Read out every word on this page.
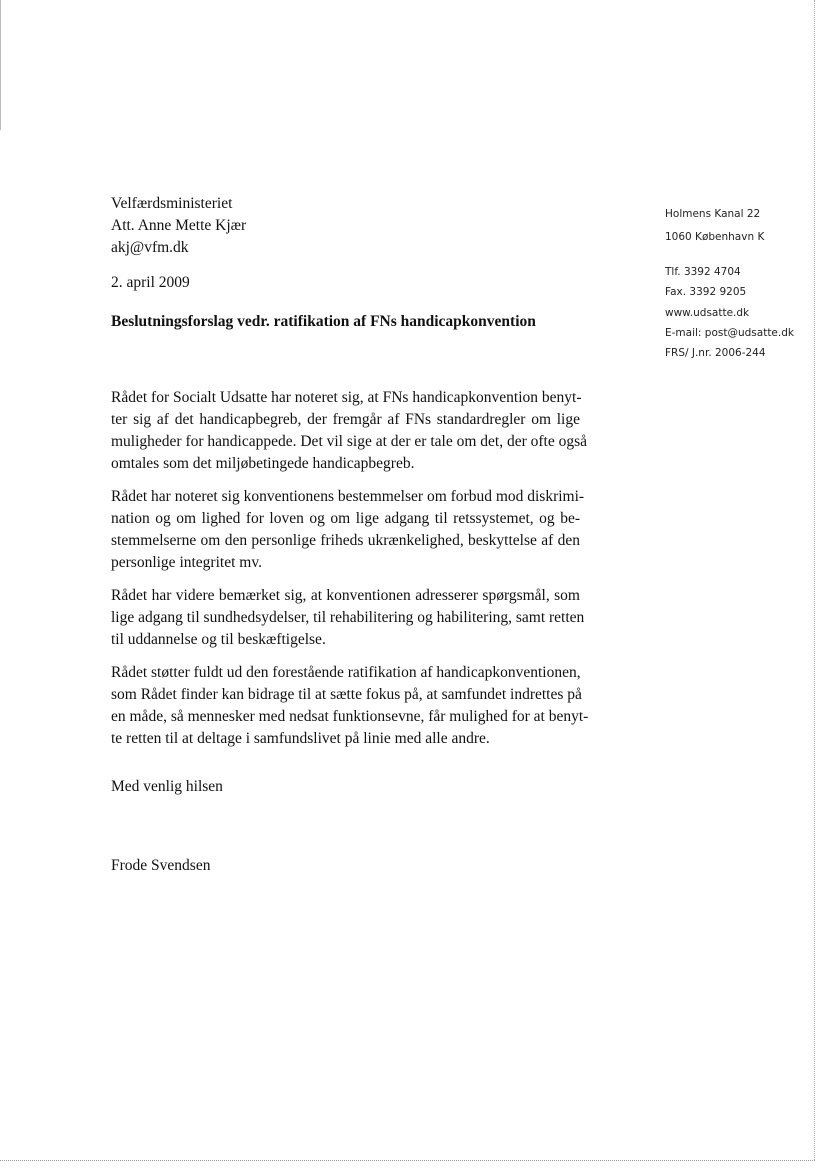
Velfærdsministeriet
Att. Anne Mette Kjær
akj@vfm.dk
2. april 2009
Beslutningsforslag vedr. ratifikation af FNs handicapkonvention
Holmens Kanal 22
1060 København K
Tlf. 3392 4704
Fax. 3392 9205
www.udsatte.dk
E-mail: post@udsatte.dk
FRS/ J.nr. 2006-244
Rådet for Socialt Udsatte har noteret sig, at FNs handicapkonvention benyt-
ter sig af det handicapbegreb, der fremgår af FNs standardregler om lige
muligheder for handicappede. Det vil sige at der er tale om det, der ofte også
omtales som det miljøbetingede handicapbegreb.
Rådet har noteret sig konventionens bestemmelser om forbud mod diskrimi-
nation og om lighed for loven og om lige adgang til retssystemet, og be-
stemmelserne om den personlige friheds ukrænkelighed, beskyttelse af den
personlige integritet mv.
Rådet har videre bemærket sig, at konventionen adresserer spørgsmål, som
lige adgang til sundhedsydelser, til rehabilitering og habilitering, samt retten
til uddannelse og til beskæftigelse.
Rådet støtter fuldt ud den forestående ratifikation af handicapkonventionen,
som Rådet finder kan bidrage til at sætte fokus på, at samfundet indrettes på
en måde, så mennesker med nedsat funktionsevne, får mulighed for at benyt-
te retten til at deltage i samfundslivet på linie med alle andre.
Med venlig hilsen
Frode Svendsen
